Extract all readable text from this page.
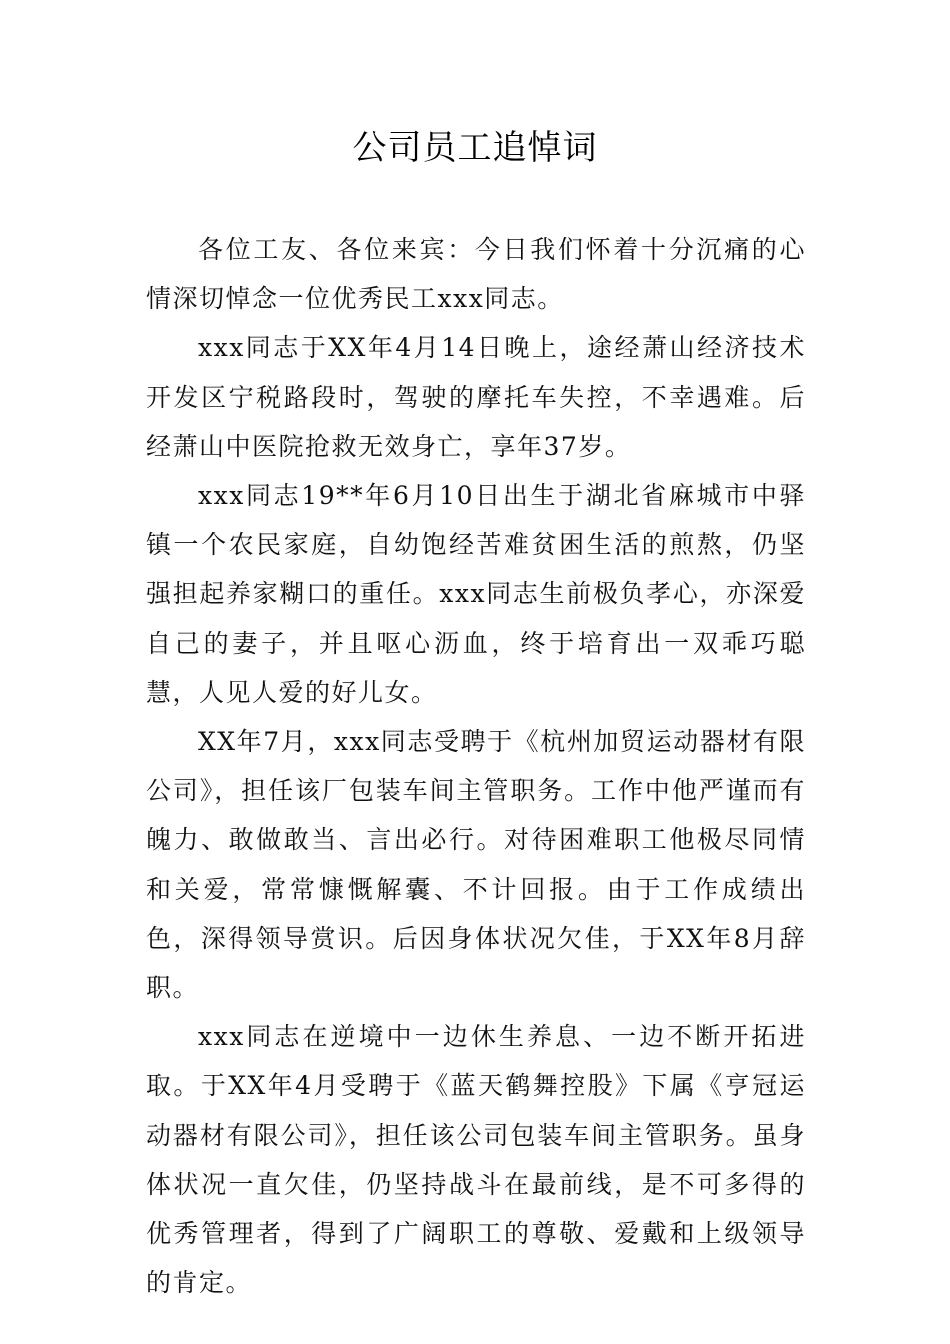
公司员工追悼词

各位工友、各位来宾：今日我们怀着十分沉痛的心情深切悼念一位优秀民工xxx同志。

xxx同志于XX年4月14日晚上，途经萧山经济技术开发区宁税路段时，驾驶的摩托车失控，不幸遇难。后经萧山中医院抢救无效身亡，享年37岁。

xxx同志19**年6月10日出生于湖北省麻城市中驿镇一个农民家庭，自幼饱经苦难贫困生活的煎熬，仍坚强担起养家糊口的重任。xxx同志生前极负孝心，亦深爱自己的妻子，并且呕心沥血，终于培育出一双乖巧聪慧，人见人爱的好儿女。

XX年7月，xxx同志受聘于《杭州加贸运动器材有限公司》，担任该厂包装车间主管职务。工作中他严谨而有魄力、敢做敢当、言出必行。对待困难职工他极尽同情和关爱，常常慷慨解囊、不计回报。由于工作成绩出色，深得领导赏识。后因身体状况欠佳，于XX年8月辞职。

xxx同志在逆境中一边休生养息、一边不断开拓进取。于XX年4月受聘于《蓝天鹤舞控股》下属《亨冠运动器材有限公司》，担任该公司包装车间主管职务。虽身体状况一直欠佳，仍坚持战斗在最前线，是不可多得的优秀管理者，得到了广阔职工的尊敬、爱戴和上级领导的肯定。
